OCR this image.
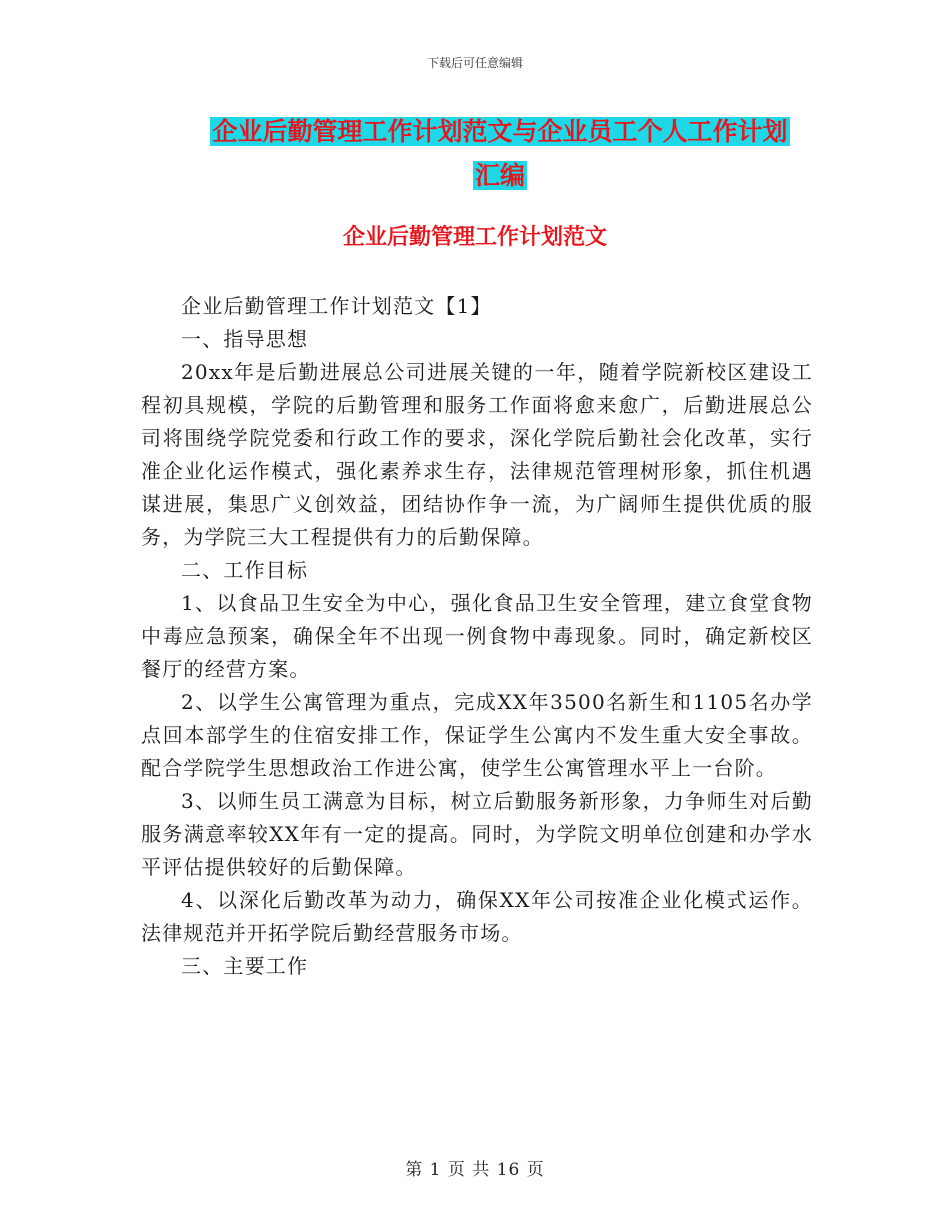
下载后可任意编辑
企业后勤管理工作计划范文与企业员工个人工作计划
汇编
企业后勤管理工作计划范文

企业后勤管理工作计划范文【1】

一、指导思想

20xx年是后勤进展总公司进展关键的一年，随着学院新校区建设工程初具规模，学院的后勤管理和服务工作面将愈来愈广，后勤进展总公司将围绕学院党委和行政工作的要求，深化学院后勤社会化改革，实行准企业化运作模式，强化素养求生存，法律规范管理树形象，抓住机遇谋进展，集思广义创效益，团结协作争一流，为广阔师生提供优质的服务，为学院三大工程提供有力的后勤保障。

二、工作目标

1、以食品卫生安全为中心，强化食品卫生安全管理，建立食堂食物中毒应急预案，确保全年不出现一例食物中毒现象。同时，确定新校区餐厅的经营方案。

2、以学生公寓管理为重点，完成XX年3500名新生和1105名办学点回本部学生的住宿安排工作，保证学生公寓内不发生重大安全事故。配合学院学生思想政治工作进公寓，使学生公寓管理水平上一台阶。

3、以师生员工满意为目标，树立后勤服务新形象，力争师生对后勤服务满意率较XX年有一定的提高。同时，为学院文明单位创建和办学水平评估提供较好的后勤保障。

4、以深化后勤改革为动力，确保XX年公司按准企业化模式运作。法律规范并开拓学院后勤经营服务市场。

三、主要工作

第 1 页 共 16 页
